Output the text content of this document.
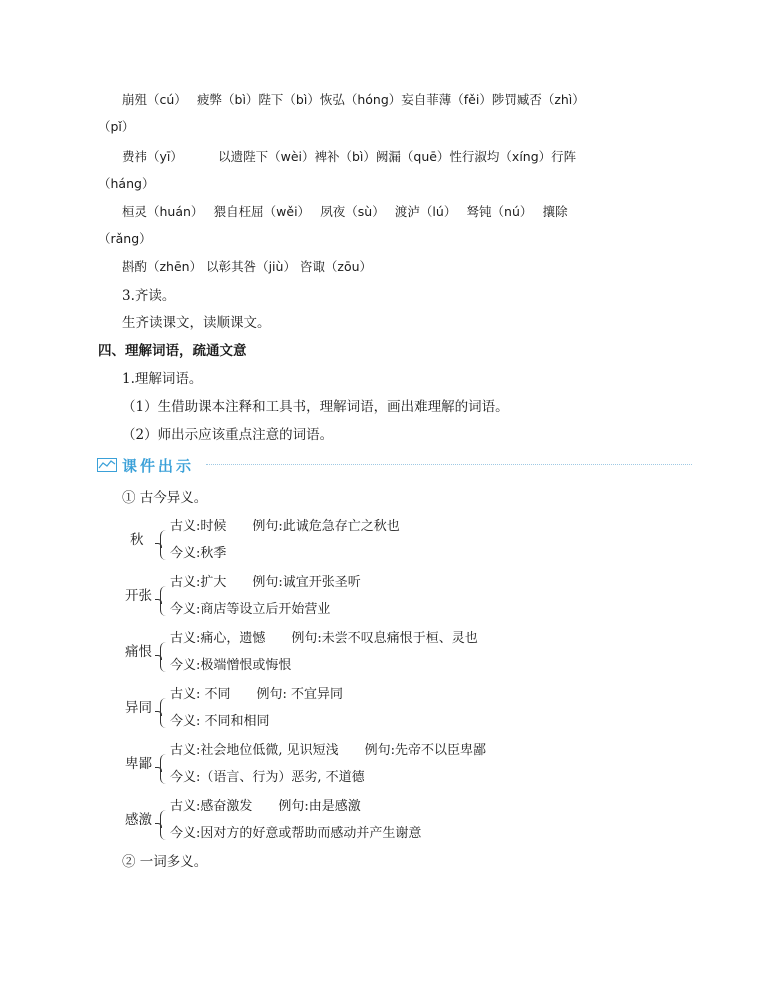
崩殂（cú）　 疲弊（bì）陛下（bì）恢弘（hóng）妄自菲薄（fěi）陟罚臧否（zhì）
（pǐ）
费祎（yī）　　　 以遗陛下（wèi）裨补（bì）阙漏（quē）性行淑均（xíng）行阵
（háng）
桓灵（huán）　 猥自枉屈（wěi）　 夙夜（sù）　 渡泸（lú）　 驽钝（nú）　 攘除
（rǎng）
斟酌（zhēn） 以彰其咎（jiù） 咨诹（zōu）
3.齐读。
生齐读课文，读顺课文。
四、理解词语，疏通文意
1.理解词语。
（1）生借助课本注释和工具书，理解词语，画出难理解的词语。
（2）师出示应该重点注意的词语。
课件出示
① 古今异义。
秋
古义:时候　　例句:此诚危急存亡之秋也
今义:秋季
开张
古义:扩大　　例句:诚宜开张圣听
今义:商店等设立后开始营业
痛恨
古义:痛心，遗憾　　例句:未尝不叹息痛恨于桓、灵也
今义:极端憎恨或悔恨
异同
古义: 不同　　例句: 不宜异同
今义: 不同和相同
卑鄙
古义:社会地位低微, 见识短浅　　例句:先帝不以臣卑鄙
今义:（语言、行为）恶劣, 不道德
感激
古义:感奋激发　　例句:由是感激
今义:因对方的好意或帮助而感动并产生谢意
② 一词多义。
